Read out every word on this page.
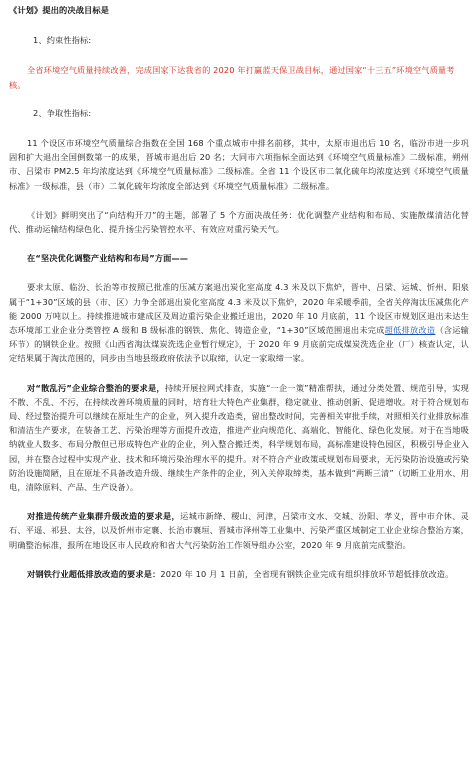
《计划》提出的决战目标是

1、约束性指标:

全省环境空气质量持续改善，完成国家下达我省的 2020 年打赢蓝天保卫战目标，通过国家“十三五”环境空气质量考核。

2、争取性指标:

11 个设区市环境空气质量综合指数在全国 168 个重点城市中排名前移，其中，太原市退出后 10 名，临汾市进一步巩固和扩大退出全国倒数第一的成果，晋城市退出后 20 名；大同市六项指标全面达到《环境空气质量标准》二级标准，朔州市、吕梁市 PM2.5 年均浓度达到《环境空气质量标准》二级标准。全省 11 个设区市二氧化硫年均浓度达到《环境空气质量标准》一级标准，县（市）二氧化硫年均浓度全部达到《环境空气质量标准》二级标准。

《计划》鲜明突出了“向结构开刀”的主题，部署了 5 个方面决战任务：优化调整产业结构和布局、实施散煤清洁化替代、推动运输结构绿色化、提升扬尘污染管控水平、有效应对重污染天气。

在“坚决优化调整产业结构和布局”方面——

要求太原、临汾、长治等市按照已批准的压减方案退出炭化室高度 4.3 米及以下焦炉，晋中、吕梁、运城、忻州、阳泉属于“1+30”区域的县（市、区）力争全部退出炭化室高度 4.3 米及以下焦炉，2020 年采暖季前，全省关停淘汰压减焦化产能 2000 万吨以上。持续推进城市建成区及周边重污染企业搬迁退出，2020 年 10 月底前，11 个设区市规划区退出未达生态环境部工业企业分类管控 A 级和 B 级标准的钢铁、焦化、铸造企业，“1+30”区域范围退出未完成超低排放改造（含运输环节）的钢铁企业。按照《山西省淘汰煤炭洗选企业暂行规定》，于 2020 年 9 月底前完成煤炭洗选企业（厂）核查认定，认定结果属于淘汰范围的，同步由当地县级政府依法予以取缔，认定一家取缔一家。

对“散乱污”企业综合整治的要求是，持续开展拉网式排查，实施“一企一策”精准帮扶，通过分类处置、规范引导，实现不散、不乱、不污，在持续改善环境质量的同时，培育壮大特色产业集群，稳定就业、推动创新、促进增收。对于符合规划布局、经过整治提升可以继续在原址生产的企业，列入提升改造类，留出整改时间，完善相关审批手续，对照相关行业排放标准和清洁生产要求，在装备工艺、污染治理等方面提升改造，推进产业向规范化、高端化、智能化、绿色化发展。对于在当地吸纳就业人数多、布局分散但已形成特色产业的企业，列入整合搬迁类，科学规划布局，高标准建设特色园区，积极引导企业入园，并在整合过程中实现产业、技术和环境污染治理水平的提升。对不符合产业政策或规划布局要求，无污染防治设施或污染防治设施简陋，且在原址不具备改造升级、继续生产条件的企业，列入关停取缔类，基本做到“两断三清”（切断工业用水、用电，清除原料、产品、生产设备）。

对推进传统产业集群升级改造的要求是，运城市新绛、稷山、河津，吕梁市文水、交城、汾阳、孝义，晋中市介休、灵石、平遥、祁县、太谷，以及忻州市定襄、长治市襄垣、晋城市泽州等工业集中、污染严重区域制定工业企业综合整治方案，明确整治标准，报所在地设区市人民政府和省大气污染防治工作领导组办公室，2020 年 9 月底前完成整治。

对钢铁行业超低排放改造的要求是：2020 年 10 月 1 日前，全省现有钢铁企业完成有组织排放环节超低排放改造。
